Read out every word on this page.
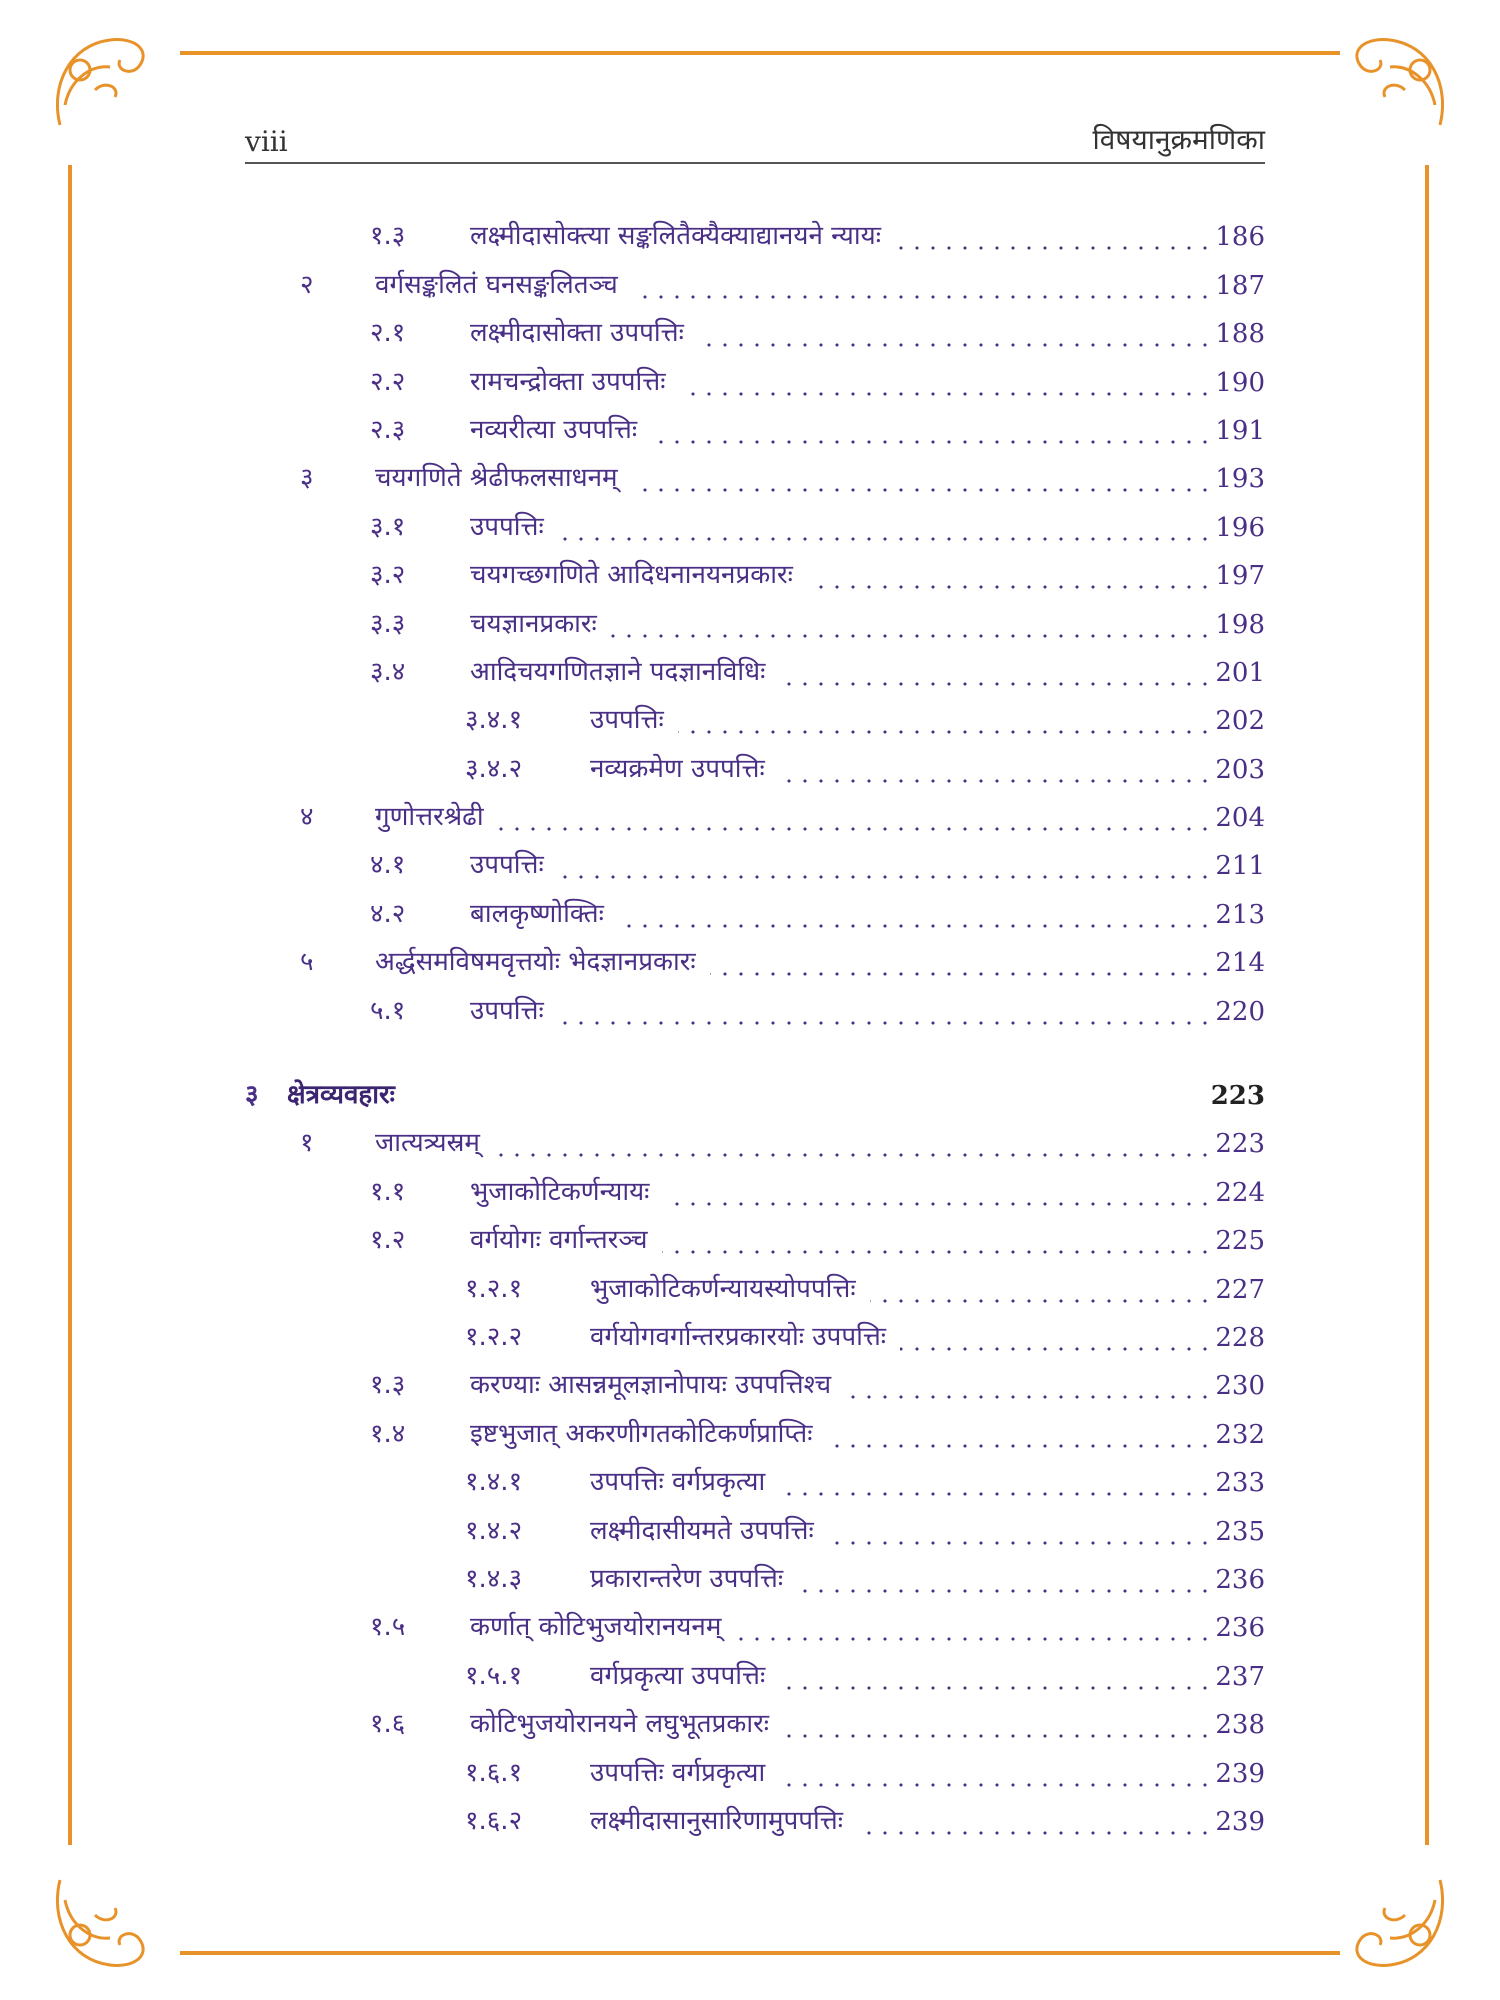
viii	विषयानुक्रमणिका
१.३ लक्ष्मीदासोक्त्या सङ्कलितैक्यैक्याद्यानयने न्यायः	186
२ वर्गसङ्कलितं घनसङ्कलितञ्च	187
२.१ लक्ष्मीदासोक्ता उपपत्तिः	188
२.२ रामचन्द्रोक्ता उपपत्तिः	190
२.३ नव्यरीत्या उपपत्तिः	191
३ चयगणिते श्रेढीफलसाधनम्	193
३.१ उपपत्तिः	196
३.२ चयगच्छगणिते आदिधनानयनप्रकारः	197
३.३ चयज्ञानप्रकारः	198
३.४ आदिचयगणितज्ञाने पदज्ञानविधिः	201
३.४.१	उपपत्तिः	202
३.४.२	नव्यक्रमेण उपपत्तिः	203
४ गुणोत्तरश्रेढी	204
४.१ उपपत्तिः	211
४.२ बालकृष्णोक्तिः	213
५ अर्द्धसमविषमवृत्तयोः भेदज्ञानप्रकारः	214
५.१ उपपत्तिः	220
३ क्षेत्रव्यवहारः	223
१ जात्यत्र्यस्रम्	223
१.१ भुजाकोटिकर्णन्यायः	224
१.२ वर्गयोगः वर्गान्तरञ्च	225
१.२.१	भुजाकोटिकर्णन्यायस्योपपत्तिः	227
१.२.२	वर्गयोगवर्गान्तरप्रकारयोः उपपत्तिः	228
१.३ करण्याः आसन्नमूलज्ञानोपायः उपपत्तिश्च	230
१.४ इष्टभुजात् अकरणीगतकोटिकर्णप्राप्तिः	232
१.४.१	उपपत्तिः वर्गप्रकृत्या	233
१.४.२	लक्ष्मीदासीयमते उपपत्तिः	235
१.४.३	प्रकारान्तरेण उपपत्तिः	236
१.५ कर्णात् कोटिभुजयोरानयनम्	236
१.५.१	वर्गप्रकृत्या उपपत्तिः	237
१.६ कोटिभुजयोरानयने लघुभूतप्रकारः	238
१.६.१	उपपत्तिः वर्गप्रकृत्या	239
१.६.२	लक्ष्मीदासानुसारिणामुपपत्तिः	239
